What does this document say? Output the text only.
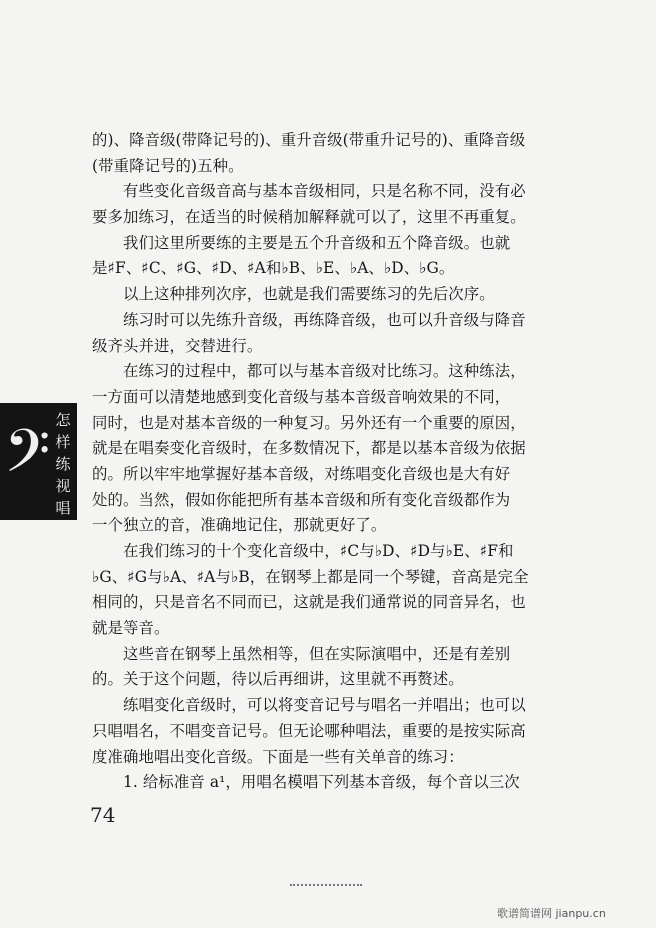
的)、降音级(带降记号的)、重升音级(带重升记号的)、重降音级
(带重降记号的)五种。
有些变化音级音高与基本音级相同，只是名称不同，没有必
要多加练习，在适当的时候稍加解释就可以了，这里不再重复。
我们这里所要练的主要是五个升音级和五个降音级。也就
是♯F、♯C、♯G、♯D、♯A和♭B、♭E、♭A、♭D、♭G。
以上这种排列次序，也就是我们需要练习的先后次序。
练习时可以先练升音级，再练降音级，也可以升音级与降音
级齐头并进，交替进行。
在练习的过程中，都可以与基本音级对比练习。这种练法，
一方面可以清楚地感到变化音级与基本音级音响效果的不同，
同时，也是对基本音级的一种复习。另外还有一个重要的原因，
就是在唱奏变化音级时，在多数情况下，都是以基本音级为依据
的。所以牢牢地掌握好基本音级，对练唱变化音级也是大有好
处的。当然，假如你能把所有基本音级和所有变化音级都作为
一个独立的音，准确地记住，那就更好了。
在我们练习的十个变化音级中，♯C与♭D、♯D与♭E、♯F和
♭G、♯G与♭A、♯A与♭B，在钢琴上都是同一个琴键，音高是完全
相同的，只是音名不同而已，这就是我们通常说的同音异名，也
就是等音。
这些音在钢琴上虽然相等，但在实际演唱中，还是有差别
的。关于这个问题，待以后再细讲，这里就不再赘述。
练唱变化音级时，可以将变音记号与唱名一并唱出；也可以
只唱唱名，不唱变音记号。但无论哪种唱法，重要的是按实际高
度准确地唱出变化音级。下面是一些有关单音的练习：
1. 给标准音 a¹，用唱名模唱下列基本音级，每个音以三次
𝄢 怎样练视唱
74
歌谱简谱网 jianpu.cn
